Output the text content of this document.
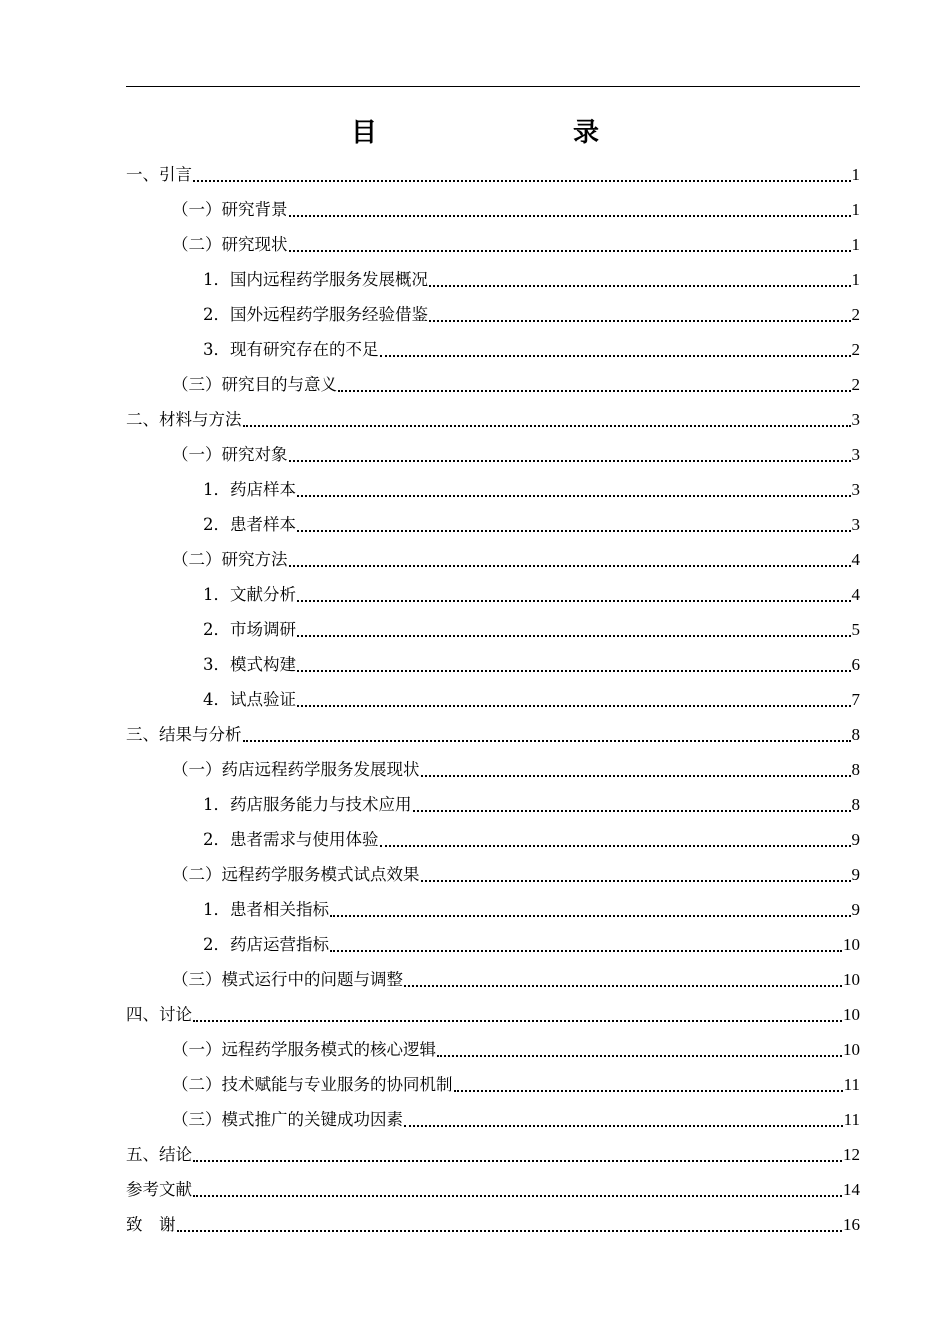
目　　录
一、引言	1
（一）研究背景	1
（二）研究现状	1
1．国内远程药学服务发展概况	1
2．国外远程药学服务经验借鉴	2
3．现有研究存在的不足	2
（三）研究目的与意义	2
二、材料与方法	3
（一）研究对象	3
1．药店样本	3
2．患者样本	3
（二）研究方法	4
1．文献分析	4
2．市场调研	5
3．模式构建	6
4．试点验证	7
三、结果与分析	8
（一）药店远程药学服务发展现状	8
1．药店服务能力与技术应用	8
2．患者需求与使用体验	9
（二）远程药学服务模式试点效果	9
1．患者相关指标	9
2．药店运营指标	10
（三）模式运行中的问题与调整	10
四、讨论	10
（一）远程药学服务模式的核心逻辑	10
（二）技术赋能与专业服务的协同机制	11
（三）模式推广的关键成功因素	11
五、结论	12
参考文献	14
致　谢	16
